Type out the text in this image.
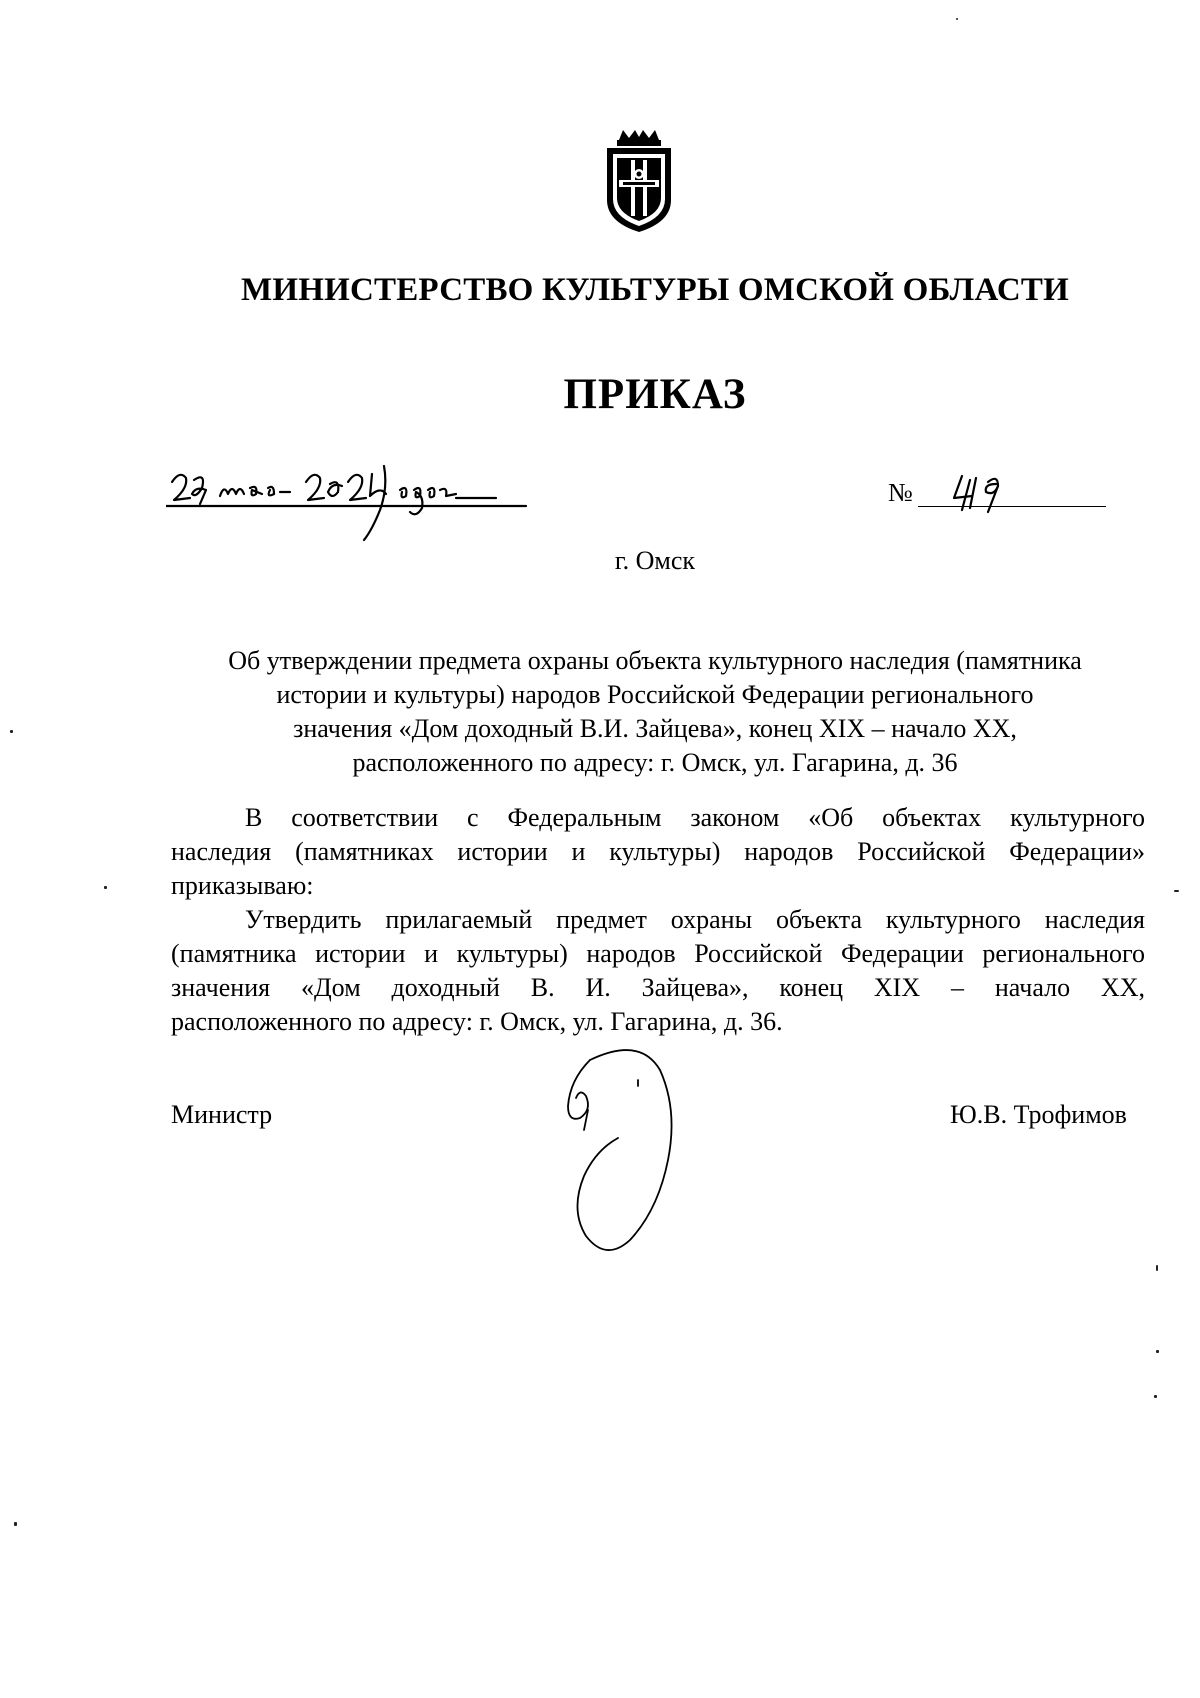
МИНИСТЕРСТВО КУЛЬТУРЫ ОМСКОЙ ОБЛАСТИ
ПРИКАЗ
№
г. Омск
Об утверждении предмета охраны объекта культурного наследия (памятника
истории и культуры) народов Российской Федерации регионального
значения «Дом доходный В.И. Зайцева», конец XIX – начало XX,
расположенного по адресу: г. Омск, ул. Гагарина, д. 36
В соответствии с Федеральным законом «Об объектах культурного
наследия (памятниках истории и культуры) народов Российской Федерации»
приказываю:
Утвердить прилагаемый предмет охраны объекта культурного наследия
(памятника истории и культуры) народов Российской Федерации регионального
значения «Дом доходный В. И. Зайцева», конец XIX – начало XX,
расположенного по адресу: г. Омск, ул. Гагарина, д. 36.
Министр	Ю.В. Трофимов
